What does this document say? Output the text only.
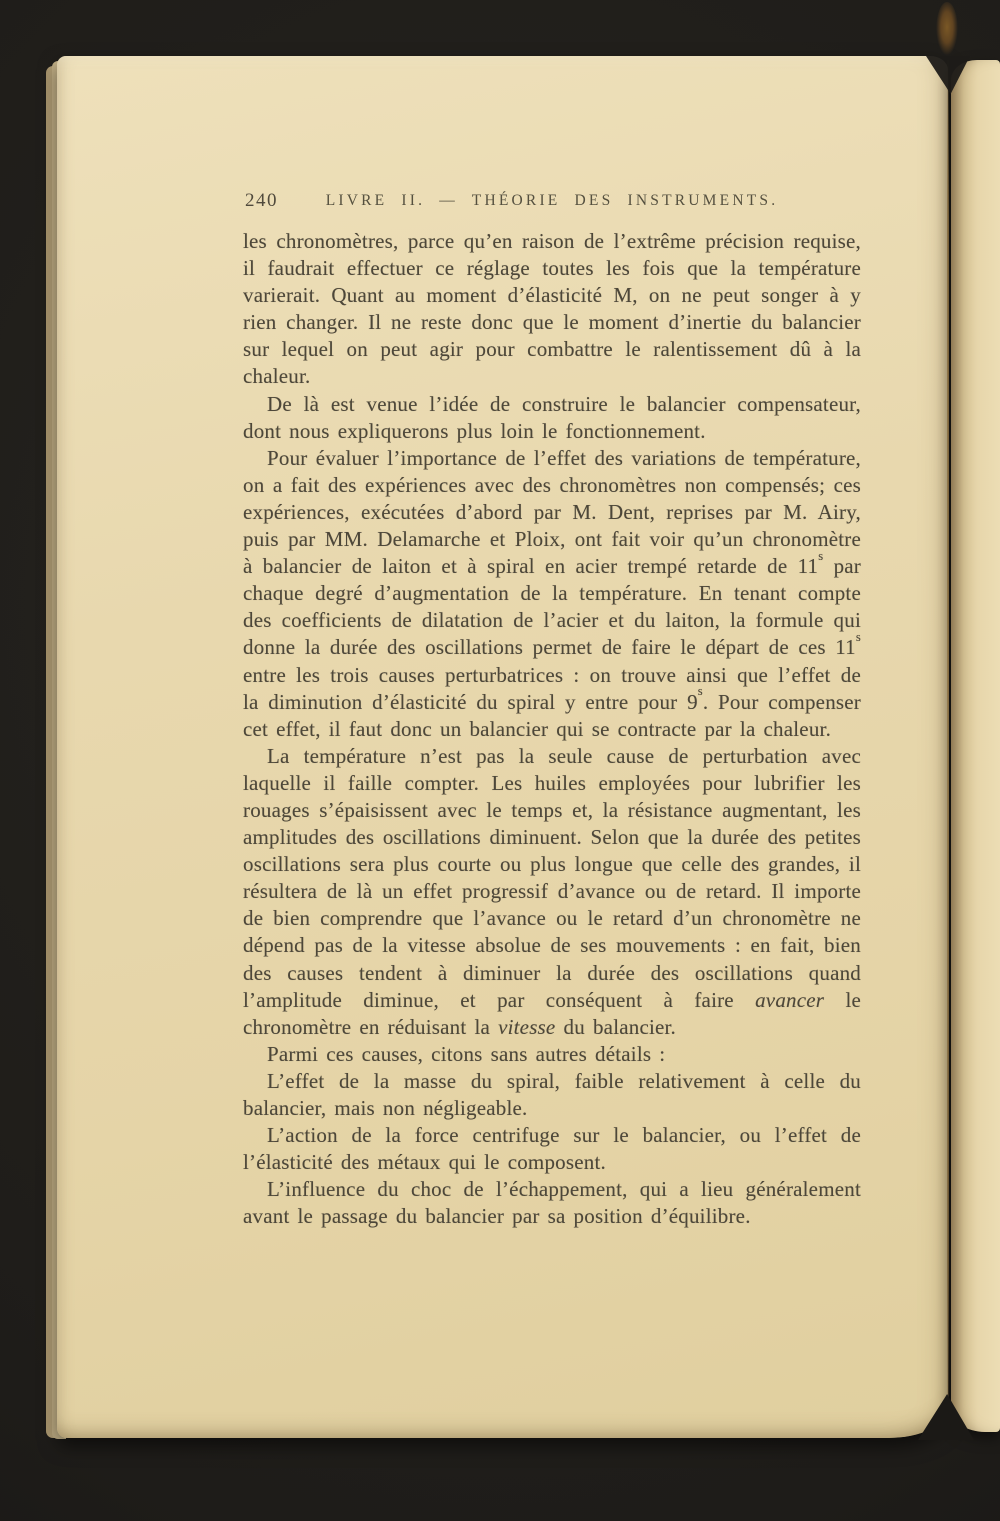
240	LIVRE II. — THÉORIE DES INSTRUMENTS.

les chronomètres, parce qu’en raison de l’extrême précision requise, il faudrait effectuer ce réglage toutes les fois que la température varierait. Quant au moment d’élasticité M, on ne peut songer à y rien changer. Il ne reste donc que le moment d’inertie du balancier sur lequel on peut agir pour combattre le ralentissement dû à la chaleur.

De là est venue l’idée de construire le balancier compensateur, dont nous expliquerons plus loin le fonctionnement.

Pour évaluer l’importance de l’effet des variations de température, on a fait des expériences avec des chronomètres non compensés; ces expériences, exécutées d’abord par M. Dent, reprises par M. Airy, puis par MM. Delamarche et Ploix, ont fait voir qu’un chronomètre à balancier de laiton et à spiral en acier trempé retarde de 11$^s$ par chaque degré d’augmentation de la température. En tenant compte des coefficients de dilatation de l’acier et du laiton, la formule qui donne la durée des oscillations permet de faire le départ de ces 11$^s$ entre les trois causes perturbatrices : on trouve ainsi que l’effet de la diminution d’élasticité du spiral y entre pour 9$^s$. Pour compenser cet effet, il faut donc un balancier qui se contracte par la chaleur.

La température n’est pas la seule cause de perturbation avec laquelle il faille compter. Les huiles employées pour lubrifier les rouages s’épaisissent avec le temps et, la résistance augmentant, les amplitudes des oscillations diminuent. Selon que la durée des petites oscillations sera plus courte ou plus longue que celle des grandes, il résultera de là un effet progressif d’avance ou de retard. Il importe de bien comprendre que l’avance ou le retard d’un chronomètre ne dépend pas de la vitesse absolue de ses mouvements : en fait, bien des causes tendent à diminuer la durée des oscillations quand l’amplitude diminue, et par conséquent à faire avancer le chronomètre en réduisant la vitesse du balancier.

Parmi ces causes, citons sans autres détails :

L’effet de la masse du spiral, faible relativement à celle du balancier, mais non négligeable.

L’action de la force centrifuge sur le balancier, ou l’effet de l’élasticité des métaux qui le composent.

L’influence du choc de l’échappement, qui a lieu généralement avant le passage du balancier par sa position d’équilibre.
